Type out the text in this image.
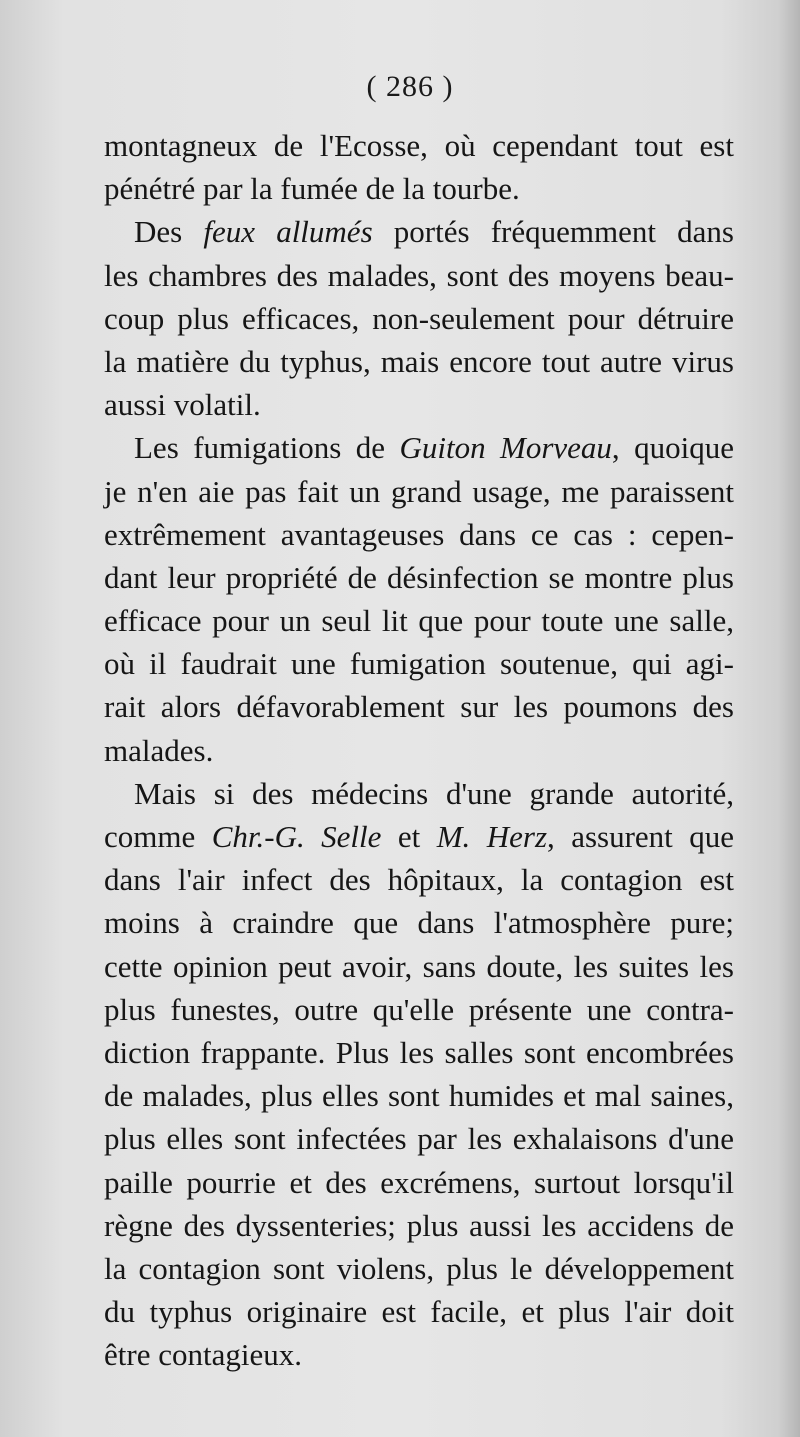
( 286 )
montagneux de l'Ecosse, où cependant tout est
pénétré par la fumée de la tourbe.
Des feux allumés portés fréquemment dans
les chambres des malades, sont des moyens beau-
coup plus efficaces, non-seulement pour détruire
la matière du typhus, mais encore tout autre virus
aussi volatil.
Les fumigations de Guiton Morveau, quoique
je n'en aie pas fait un grand usage, me paraissent
extrêmement avantageuses dans ce cas : cepen-
dant leur propriété de désinfection se montre plus
efficace pour un seul lit que pour toute une salle,
où il faudrait une fumigation soutenue, qui agi-
rait alors défavorablement sur les poumons des
malades.
Mais si des médecins d'une grande autorité,
comme Chr.-G. Selle et M. Herz, assurent que
dans l'air infect des hôpitaux, la contagion est
moins à craindre que dans l'atmosphère pure;
cette opinion peut avoir, sans doute, les suites les
plus funestes, outre qu'elle présente une contra-
diction frappante. Plus les salles sont encombrées
de malades, plus elles sont humides et mal saines,
plus elles sont infectées par les exhalaisons d'une
paille pourrie et des excrémens, surtout lorsqu'il
règne des dyssenteries; plus aussi les accidens de
la contagion sont violens, plus le développement
du typhus originaire est facile, et plus l'air doit
être contagieux.
